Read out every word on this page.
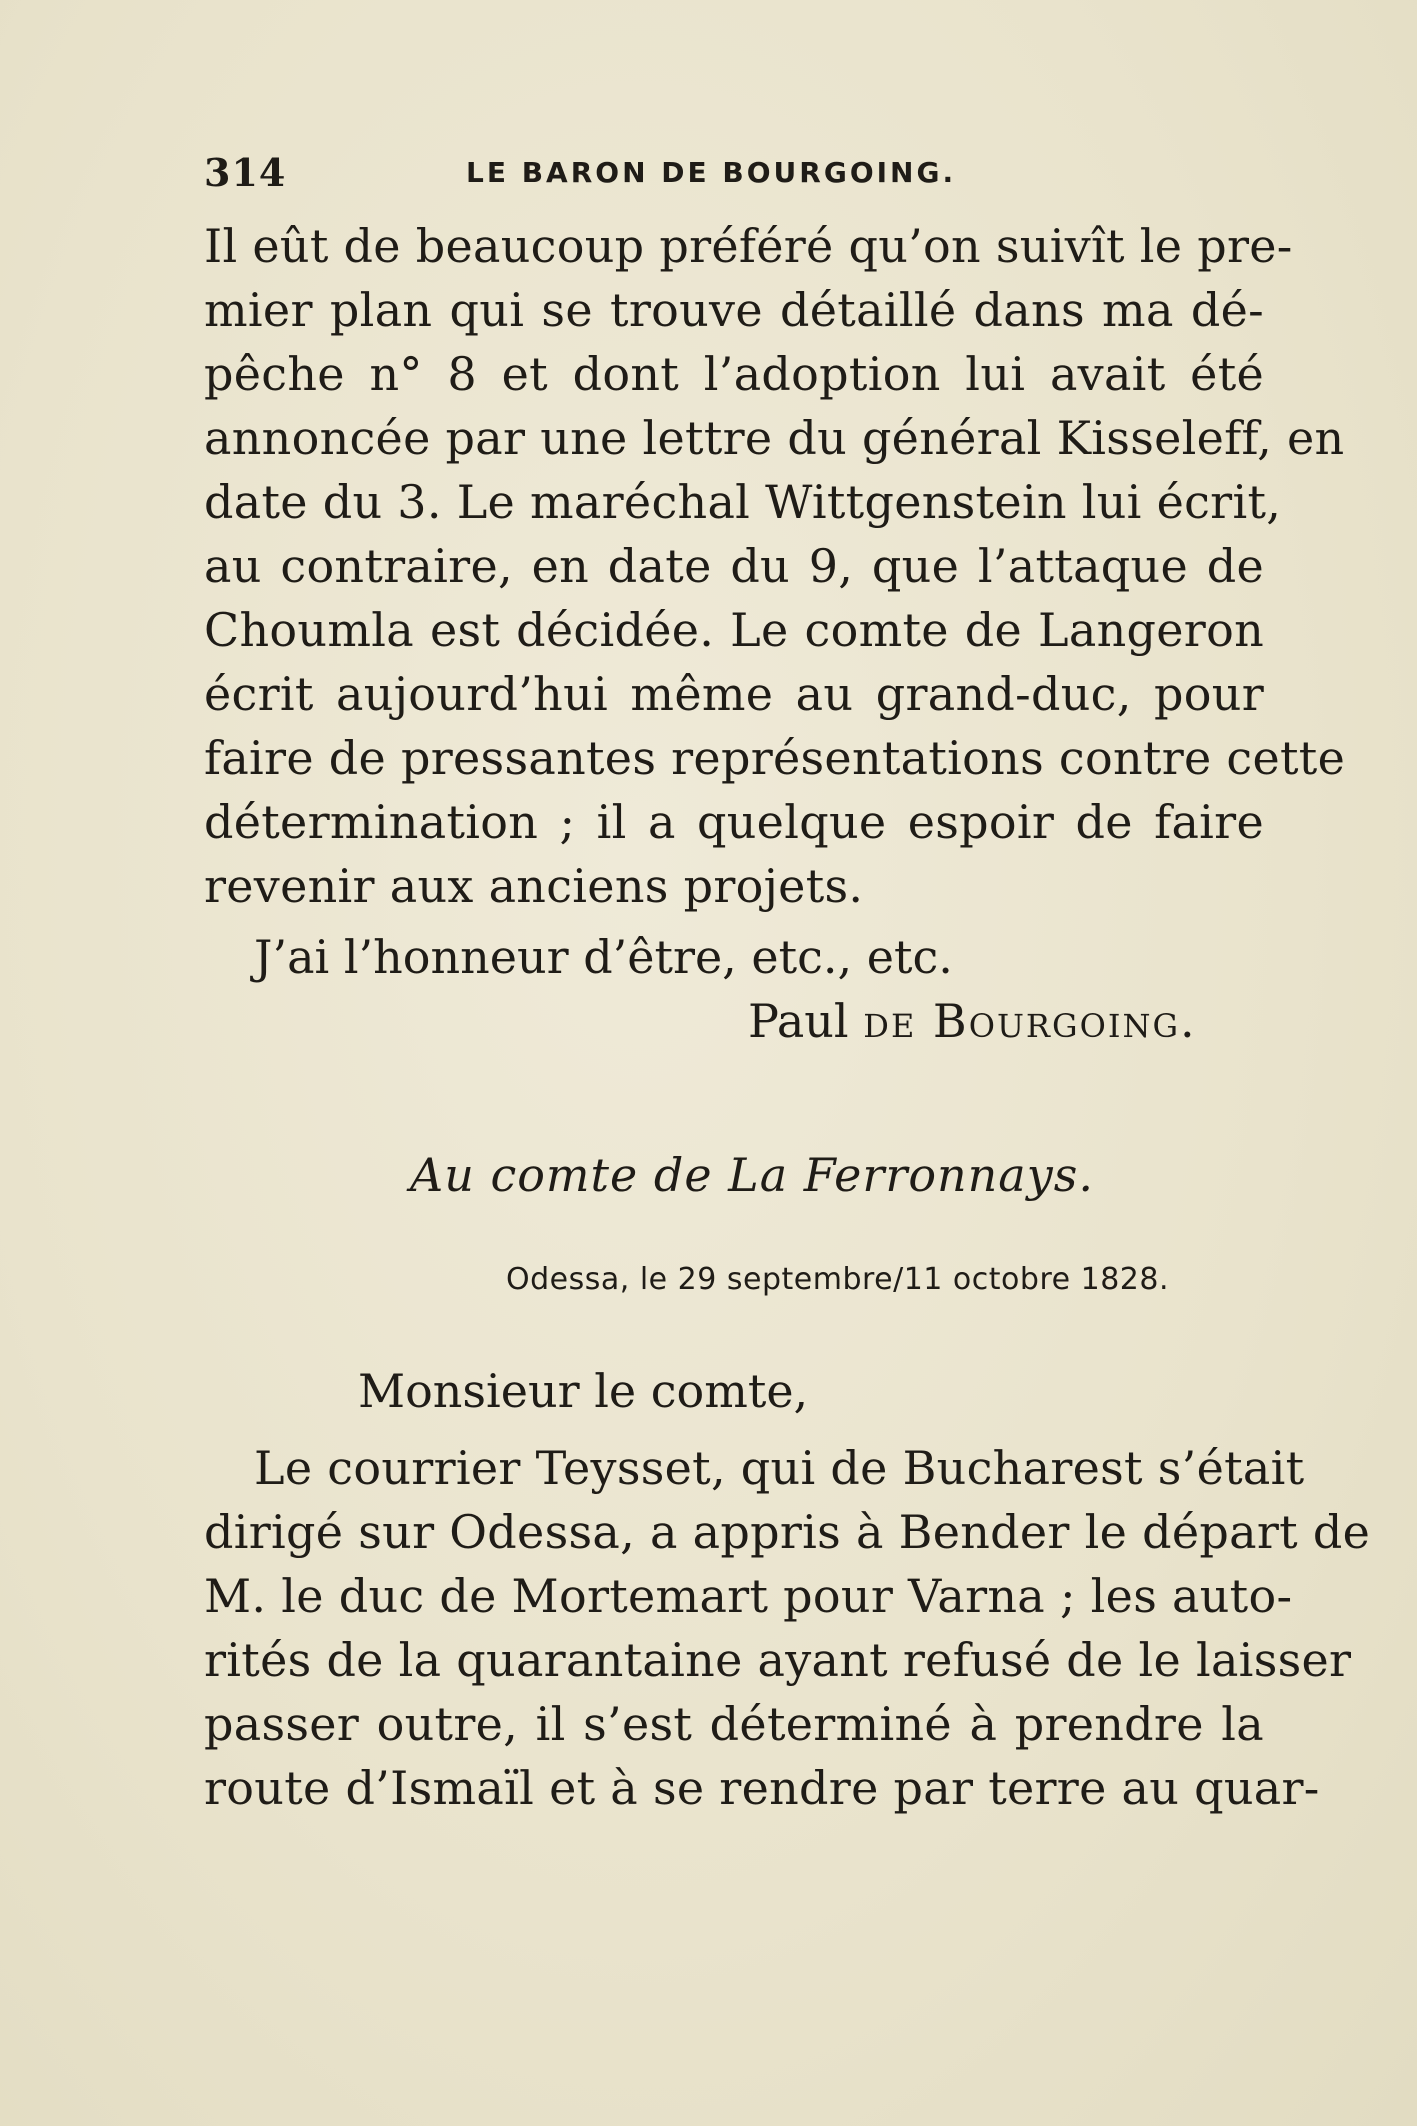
314	LE BARON DE BOURGOING.
Il eût de beaucoup préféré qu’on suivît le pre-
mier plan qui se trouve détaillé dans ma dé-
pêche n° 8 et dont l’adoption lui avait été
annoncée par une lettre du général Kisseleff, en
date du 3. Le maréchal Wittgenstein lui écrit,
au contraire, en date du 9, que l’attaque de
Choumla est décidée. Le comte de Langeron
écrit aujourd’hui même au grand-duc, pour
faire de pressantes représentations contre cette
détermination ; il a quelque espoir de faire
revenir aux anciens projets.
J’ai l’honneur d’être, etc., etc.
Paul de Bourgoing.
Au comte de La Ferronnays.
Odessa, le 29 septembre/11 octobre 1828.
Monsieur le comte,
Le courrier Teysset, qui de Bucharest s’était
dirigé sur Odessa, a appris à Bender le départ de
M. le duc de Mortemart pour Varna ; les auto-
rités de la quarantaine ayant refusé de le laisser
passer outre, il s’est déterminé à prendre la
route d’Ismaïl et à se rendre par terre au quar-
